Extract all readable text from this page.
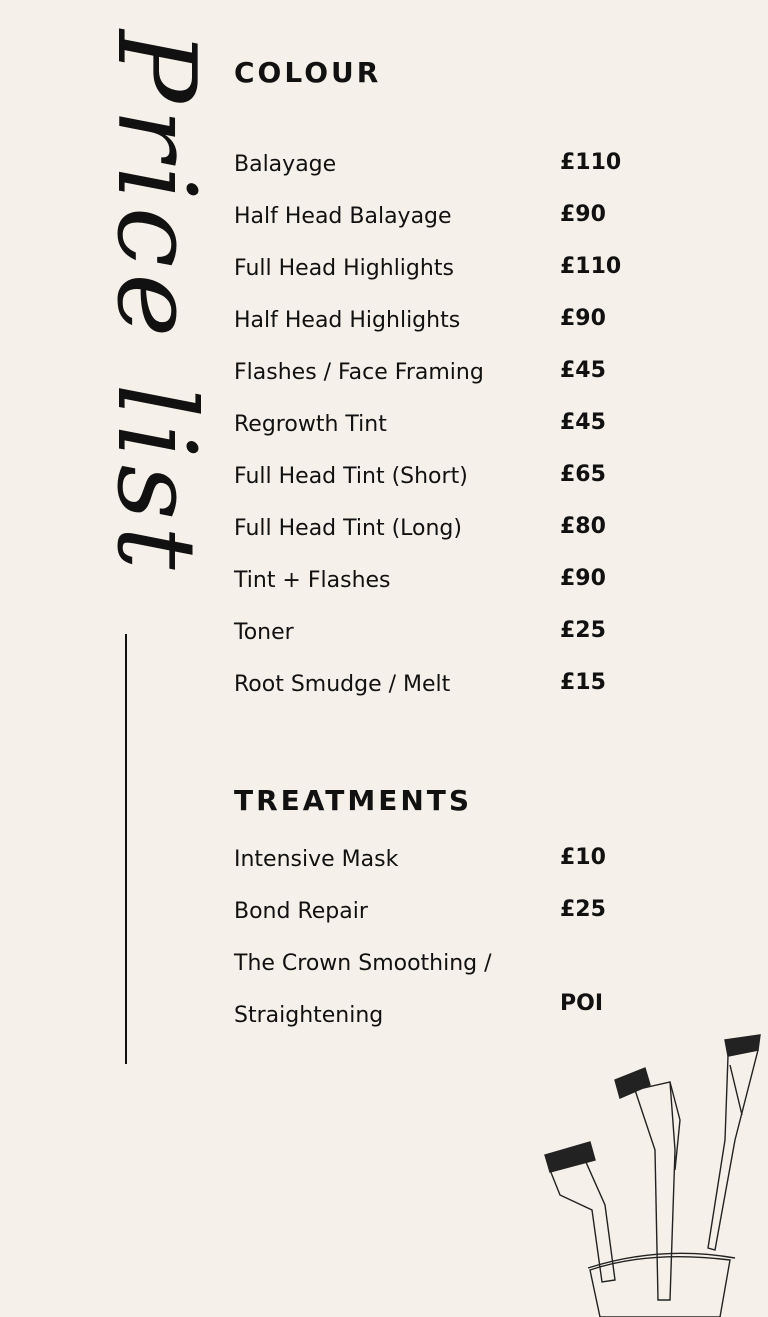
Price list COLOUR
Balayage	£110
Half Head Balayage	£90
Full Head Highlights	£110
Half Head Highlights	£90
Flashes / Face Framing	£45
Regrowth Tint	£45
Full Head Tint (Short)	£65
Full Head Tint (Long)	£80
Tint + Flashes	£90
Toner	£25
Root Smudge / Melt	£15
TREATMENTS
Intensive Mask	£10
Bond Repair	£25
The Crown Smoothing /
Straightening	POI
